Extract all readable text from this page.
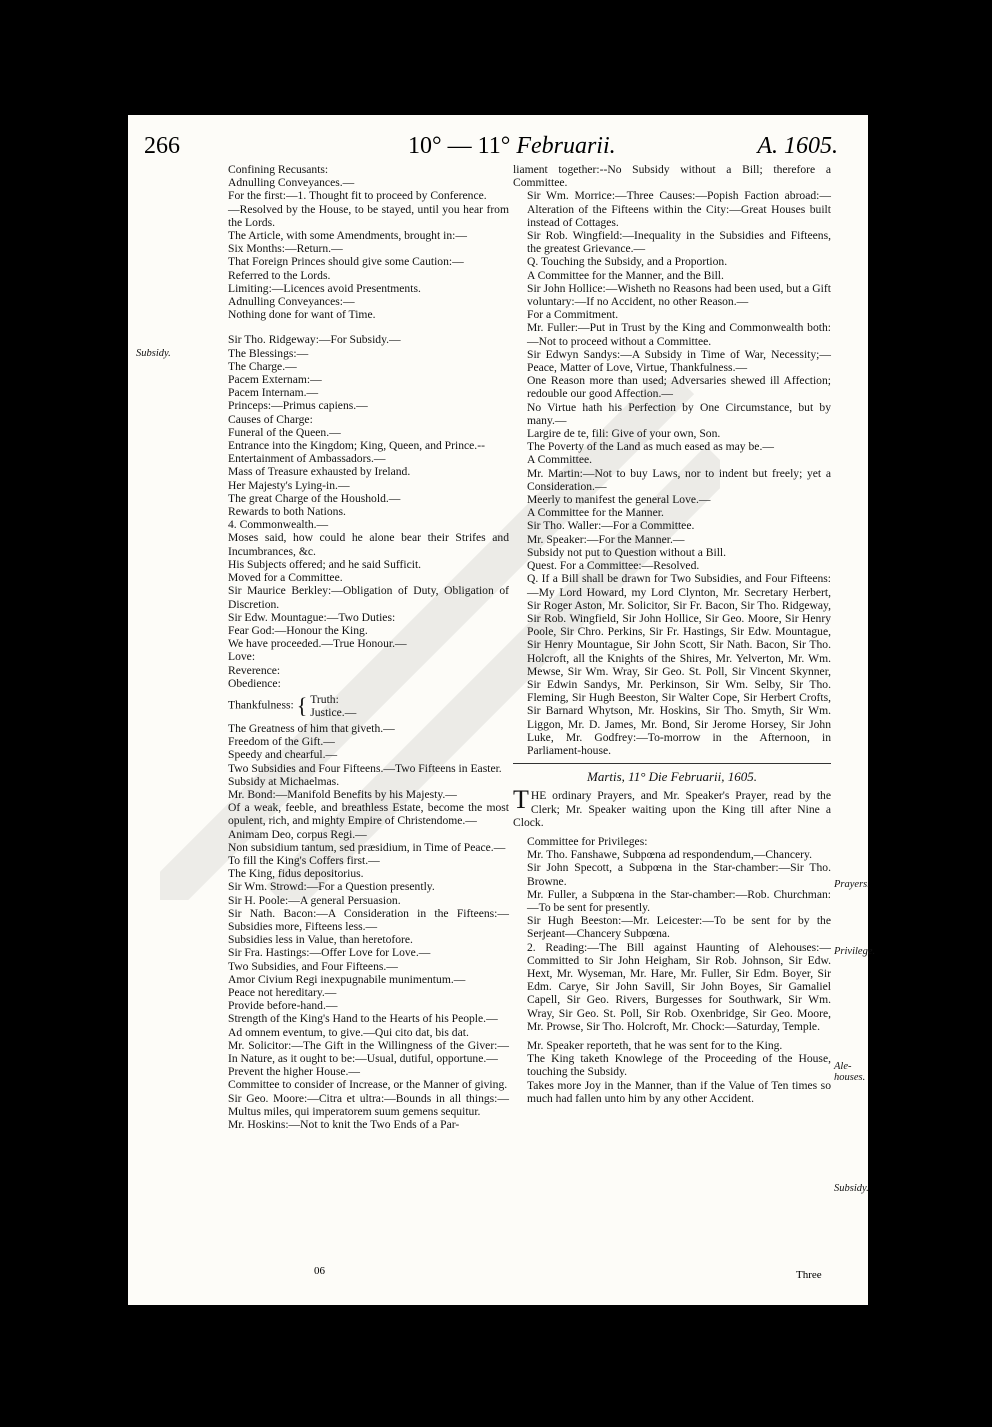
266	10° — 11° Februarii.	A. 1605.
Subsidy.
Prayers.
Privilege.
Ale-houses.
Subsidy.
Confining Recusants:
Adnulling Conveyances.—
For the first:—1. Thought fit to proceed by Conference.
—Resolved by the House, to be stayed, until you hear from the Lords.
The Article, with some Amendments, brought in:—
Six Months:—Return.—
That Foreign Princes should give some Caution:—
Referred to the Lords.
Limiting:—Licences avoid Presentments.
Adnulling Conveyances:—
Nothing done for want of Time.
Sir Tho. Ridgeway:—For Subsidy.—
The Blessings:—
The Charge.—
Pacem Externam:—
Pacem Internam.—
Princeps:—Primus capiens.—
Causes of Charge:
Funeral of the Queen.—
Entrance into the Kingdom; King, Queen, and Prince.--
Entertainment of Ambassadors.—
Mass of Treasure exhausted by Ireland.
Her Majesty's Lying-in.—
The great Charge of the Houshold.—
Rewards to both Nations.
4. Commonwealth.—
Moses said, how could he alone bear their Strifes and Incumbrances, &c.
His Subjects offered; and he said Sufficit.
Moved for a Committee.
Sir Maurice Berkley:—Obligation of Duty, Obligation of Discretion.
Sir Edw. Mountague:—Two Duties:
Fear God:—Honour the King.
We have proceeded.—True Honour.—
Love:
Reverence:
Obedience:
Thankfulness: { Truth:
Justice.—
The Greatness of him that giveth.—
Freedom of the Gift.—
Speedy and chearful.—
Two Subsidies and Four Fifteens.—Two Fifteens in Easter.
Subsidy at Michaelmas.
Mr. Bond:—Manifold Benefits by his Majesty.—
Of a weak, feeble, and breathless Estate, become the most opulent, rich, and mighty Empire of Christendome.—
Animam Deo, corpus Regi.—
Non subsidium tantum, sed præsidium, in Time of Peace.—
To fill the King's Coffers first.—
The King, fidus depositorius.
Sir Wm. Strowd:—For a Question presently.
Sir H. Poole:—A general Persuasion.
Sir Nath. Bacon:—A Consideration in the Fifteens:—Subsidies more, Fifteens less.—
Subsidies less in Value, than heretofore.
Sir Fra. Hastings:—Offer Love for Love.—
Two Subsidies, and Four Fifteens.—
Amor Civium Regi inexpugnabile munimentum.—
Peace not hereditary.—
Provide before-hand.—
Strength of the King's Hand to the Hearts of his People.—
Ad omnem eventum, to give.—Qui cito dat, bis dat.
Mr. Solicitor:—The Gift in the Willingness of the Giver:—In Nature, as it ought to be:—Usual, dutiful, opportune.—
Prevent the higher House.—
Committee to consider of Increase, or the Manner of giving.
Sir Geo. Moore:—Citra et ultra:—Bounds in all things:—Multus miles, qui imperatorem suum gemens sequitur.
Mr. Hoskins:—Not to knit the Two Ends of a Par-
liament together:--No Subsidy without a Bill; therefore a Committee.
Sir Wm. Morrice:—Three Causes:—Popish Faction abroad:—Alteration of the Fifteens within the City:—Great Houses built instead of Cottages.
Sir Rob. Wingfield:—Inequality in the Subsidies and Fifteens, the greatest Grievance.—
Q. Touching the Subsidy, and a Proportion.
A Committee for the Manner, and the Bill.
Sir John Hollice:—Wisheth no Reasons had been used, but a Gift voluntary:—If no Accident, no other Reason.—
For a Commitment.
Mr. Fuller:—Put in Trust by the King and Commonwealth both:—Not to proceed without a Committee.
Sir Edwyn Sandys:—A Subsidy in Time of War, Necessity;—Peace, Matter of Love, Virtue, Thankfulness.—
One Reason more than used; Adversaries shewed ill Affection; redouble our good Affection.—
No Virtue hath his Perfection by One Circumstance, but by many.—
Largire de te, fili: Give of your own, Son.
The Poverty of the Land as much eased as may be.—
A Committee.
Mr. Martin:—Not to buy Laws, nor to indent but freely; yet a Consideration.—
Meerly to manifest the general Love.—
A Committee for the Manner.
Sir Tho. Waller:—For a Committee.
Mr. Speaker:—For the Manner.—
Subsidy not put to Question without a Bill.
Quest. For a Committee:—Resolved.
Q. If a Bill shall be drawn for Two Subsidies, and Four Fifteens:—My Lord Howard, my Lord Clynton, Mr. Secretary Herbert, Sir Roger Aston, Mr. Solicitor, Sir Fr. Bacon, Sir Tho. Ridgeway, Sir Rob. Wingfield, Sir John Hollice, Sir Geo. Moore, Sir Henry Poole, Sir Chro. Perkins, Sir Fr. Hastings, Sir Edw. Mountague, Sir Henry Mountague, Sir John Scott, Sir Nath. Bacon, Sir Tho. Holcroft, all the Knights of the Shires, Mr. Yelverton, Mr. Wm. Mewse, Sir Wm. Wray, Sir Geo. St. Poll, Sir Vincent Skynner, Sir Edwin Sandys, Mr. Perkinson, Sir Wm. Selby, Sir Tho. Fleming, Sir Hugh Beeston, Sir Walter Cope, Sir Herbert Crofts, Sir Barnard Whytson, Mr. Hoskins, Sir Tho. Smyth, Sir Wm. Liggon, Mr. D. James, Mr. Bond, Sir Jerome Horsey, Sir John Luke, Mr. Godfrey:—To-morrow in the Afternoon, in Parliament-house.
Martis, 11° Die Februarii, 1605.
THE ordinary Prayers, and Mr. Speaker's Prayer, read by the Clerk; Mr. Speaker waiting upon the King till after Nine a Clock.
Committee for Privileges:
Mr. Tho. Fanshawe, Subpœna ad respondendum,—Chancery.
Sir John Specott, a Subpœna in the Star-chamber:—Sir Tho. Browne.
Mr. Fuller, a Subpœna in the Star-chamber:—Rob. Churchman:—To be sent for presently.
Sir Hugh Beeston:—Mr. Leicester:—To be sent for by the Serjeant—Chancery Subpœna.
2. Reading:—The Bill against Haunting of Alehouses:—Committed to Sir John Heigham, Sir Rob. Johnson, Sir Edw. Hext, Mr. Wyseman, Mr. Hare, Mr. Fuller, Sir Edm. Boyer, Sir Edm. Carye, Sir John Savill, Sir John Boyes, Sir Gamaliel Capell, Sir Geo. Rivers, Burgesses for Southwark, Sir Wm. Wray, Sir Geo. St. Poll, Sir Rob. Oxenbridge, Sir Geo. Moore, Mr. Prowse, Sir Tho. Holcroft, Mr. Chock:—Saturday, Temple.
Mr. Speaker reporteth, that he was sent for to the King.
The King taketh Knowlege of the Proceeding of the House, touching the Subsidy.
Takes more Joy in the Manner, than if the Value of Ten times so much had fallen unto him by any other Accident.
06	Three
